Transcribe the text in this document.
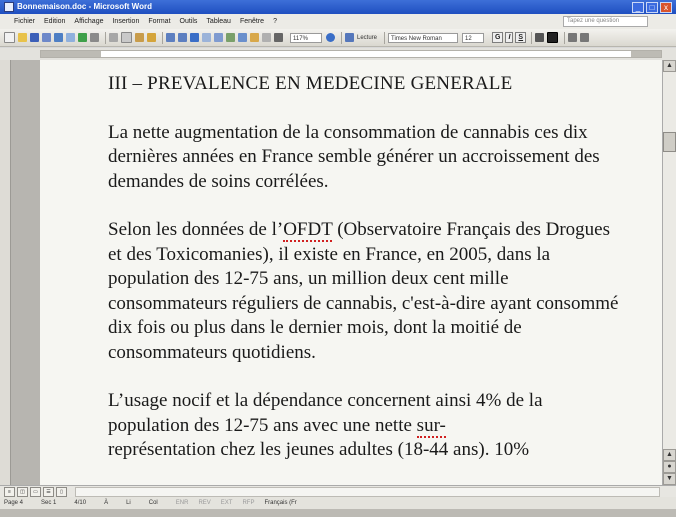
Bonnemaison.doc - Microsoft Word	_	□	x
Fichier Edition Affichage Insertion Format Outils Tableau Fenêtre ?	Tapez une question
117%	Lecture	Times New Roman	12	G	I	S

III – PREVALENCE EN MEDECINE GENERALE

La nette augmentation de la consommation de cannabis ces dix dernières années en France semble générer un accroissement des demandes de soins corrélées.

Selon les données de l’OFDT (Observatoire Français des Drogues et des Toxicomanies), il existe en France, en 2005, dans la population des 12-75 ans, un million deux cent mille consommateurs réguliers de cannabis, c'est-à-dire ayant consommé dix fois ou plus dans le dernier mois, dont la moitié de consommateurs quotidiens.

L’usage nocif et la dépendance concernent ainsi 4% de la population des 12-75 ans avec une nette sur-
représentation chez les jeunes adultes (18-44 ans). 10%

▲
▲
●
▼
≡	◫	▭	☰	▯
Page 4	Sec 1	4/10	À	Li	Col	ENR REV EXT RFP Français (Fr
